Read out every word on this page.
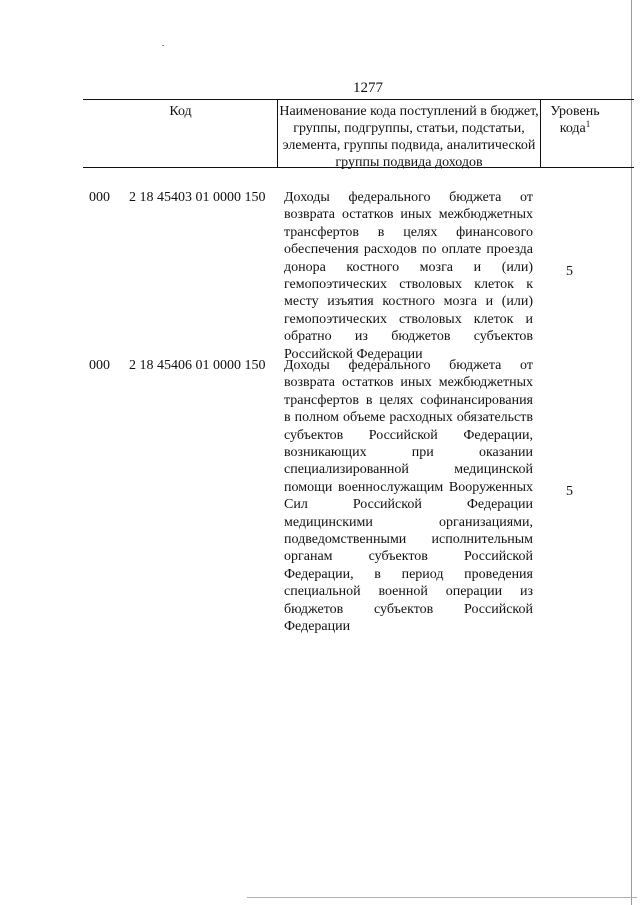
1277
Код	Наименование кода поступлений в бюджет, группы, подгруппы, статьи, подстатьи, элемента, группы подвида, аналитической группы подвида доходов
Уровень кода$^1$
000 2 18 45403 01 0000 150 Доходы федерального бюджета от возврата остатков иных межбюджетных трансфертов в целях финансового обеспечения расходов по оплате проезда донора костного мозга и (или) гемопоэтических стволовых клеток к месту изъятия костного мозга и (или) гемопоэтических стволовых клеток и обратно из бюджетов субъектов Российской Федерации
5
000 2 18 45406 01 0000 150 Доходы федерального бюджета от возврата остатков иных межбюджетных трансфертов в целях софинансирования в полном объеме расходных обязательств субъектов Российской Федерации, возникающих при оказании специализированной медицинской помощи военнослужащим Вооруженных Сил Российской Федерации медицинскими организациями, подведомственными исполнительным органам субъектов Российской Федерации, в период проведения специальной военной операции из бюджетов субъектов Российской Федерации
5
